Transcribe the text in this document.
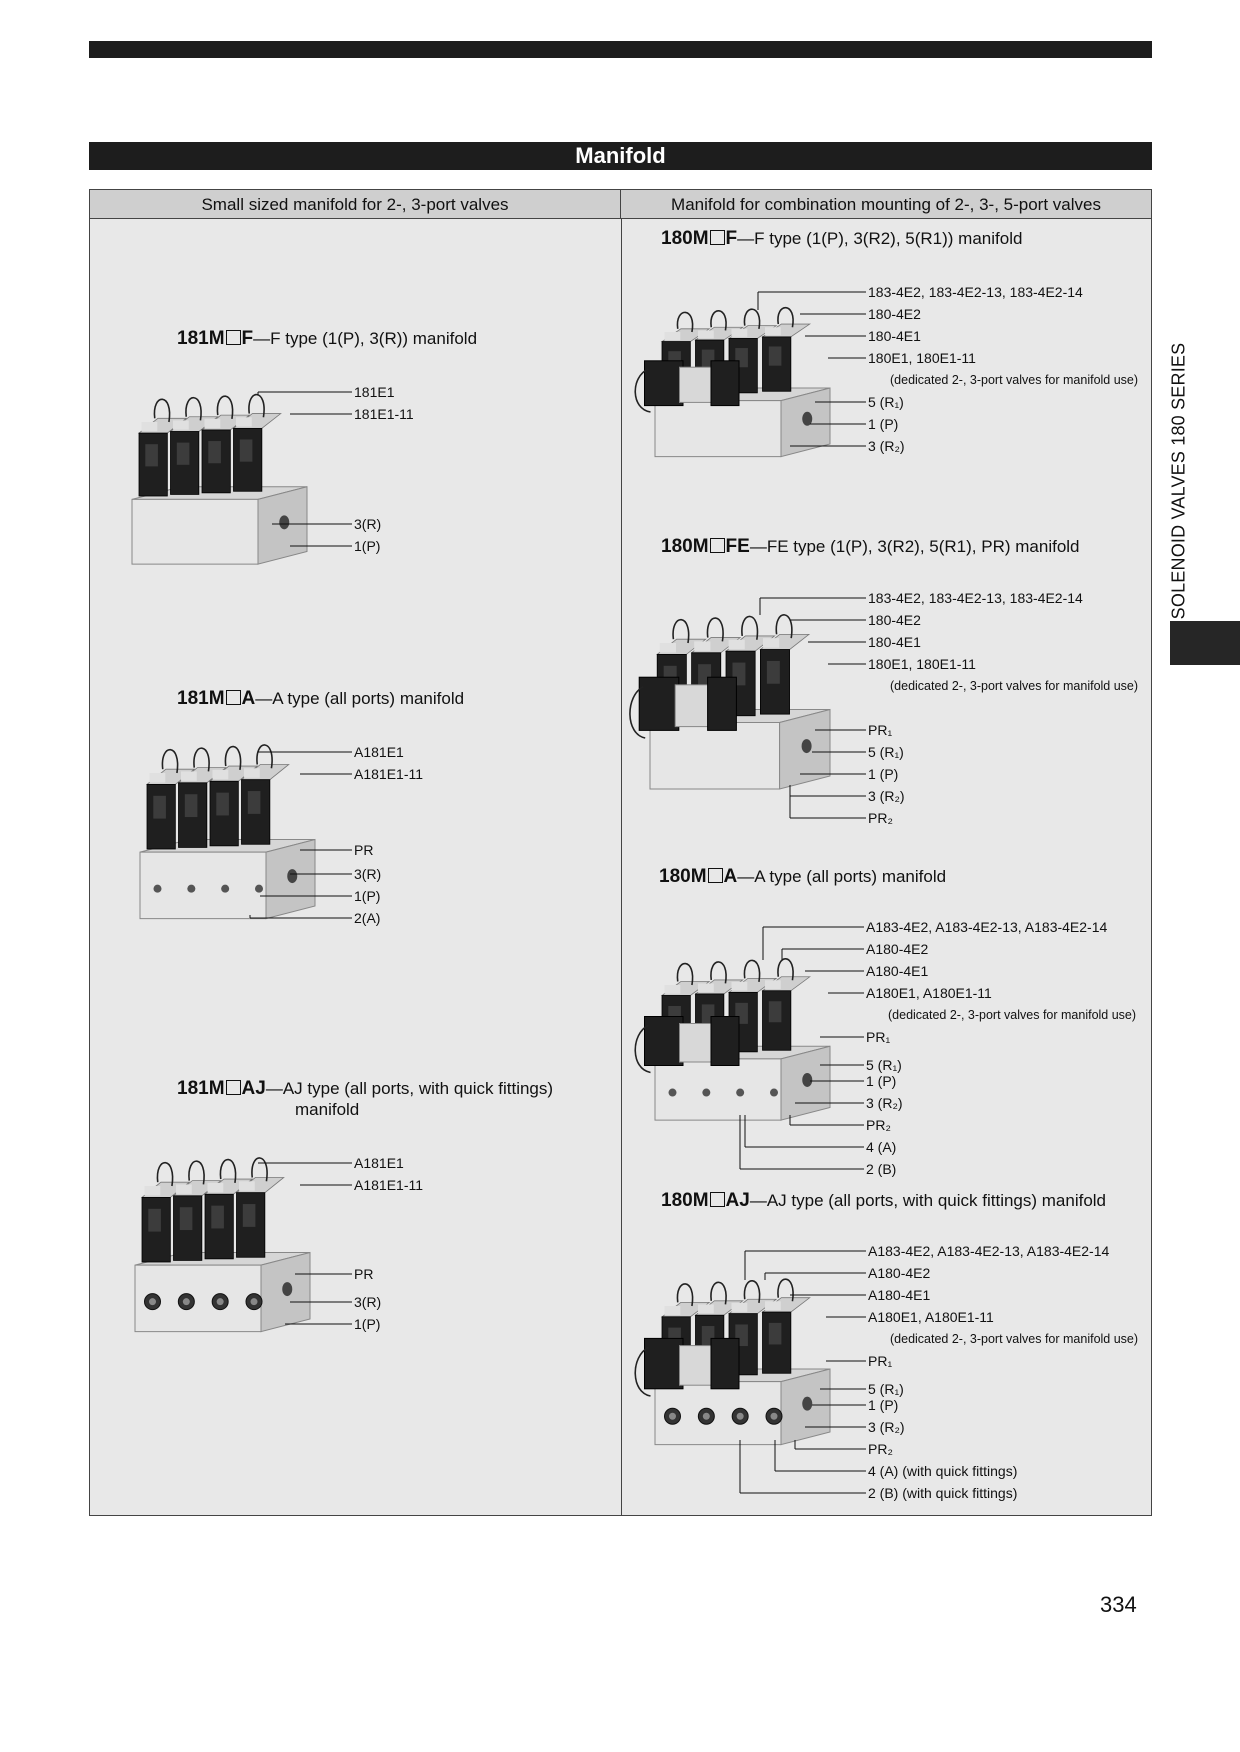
Manifold
SOLENOID VALVES 180 SERIES
Small sized manifold for 2-, 3-port valves	Manifold for combination mounting of 2-, 3-, 5-port valves
181M F—F type (1(P), 3(R)) manifold
181E1
181E1-11
3(R)
1(P)
181M A—A type (all ports) manifold
A181E1
A181E1-11
PR
3(R)
1(P)
2(A)
181M AJ—AJ type (all ports, with quick fittings)
manifold
A181E1
A181E1-11
PR
3(R)
1(P)
180M F—F type (1(P), 3(R2), 5(R1)) manifold
183-4E2, 183-4E2-13, 183-4E2-14
180-4E2
180-4E1
180E1, 180E1-11
(dedicated 2-, 3-port valves for manifold use)
5 (R₁)
1 (P)
3 (R₂)
180M FE—FE type (1(P), 3(R2), 5(R1), PR) manifold
183-4E2, 183-4E2-13, 183-4E2-14
180-4E2
180-4E1
180E1, 180E1-11
(dedicated 2-, 3-port valves for manifold use)
PR₁
5 (R₁)
1 (P)
3 (R₂)
PR₂
180M A—A type (all ports) manifold
A183-4E2, A183-4E2-13, A183-4E2-14
A180-4E2
A180-4E1
A180E1, A180E1-11
(dedicated 2-, 3-port valves for manifold use)
PR₁
5 (R₁)
1 (P)
3 (R₂)
PR₂
4 (A)
2 (B)
180M AJ—AJ type (all ports, with quick fittings) manifold
A183-4E2, A183-4E2-13, A183-4E2-14
A180-4E2
A180-4E1
A180E1, A180E1-11
(dedicated 2-, 3-port valves for manifold use)
PR₁
5 (R₁)
1 (P)
3 (R₂)
PR₂
4 (A) (with quick fittings)
2 (B) (with quick fittings)
334
